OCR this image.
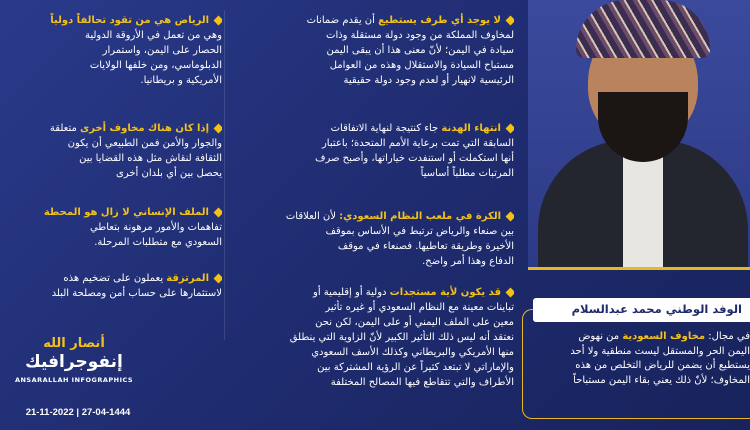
لا يوجد أي طرف يستطيع أن يقدم ضمانات
لمخاوف المملكة من وجود دولة مستقلة وذات
سيادة في اليمن؛ لأنّ معنى هذا أن يبقى اليمن
مستباح السيادة والاستقلال وهذه من العوامل
الرئيسية لانهيار أو لعدم وجود دولة حقيقية
انتهاء الهدنة جاء كنتيجة لنهاية الاتفاقات
السابقة التي تمت برعاية الأمم المتحدة؛ باعتبار
أنها استكملت أو استنفدت خياراتها، وأصبح صرف
المرتبات مطلباً أساسياً
الكرة في ملعب النظام السعودي: لأن العلاقات
بين صنعاء والرياض ترتبط في الأساس بموقف
الأخيرة وطريقة تعاطيها. فصنعاء في موقف
الدفاع وهذا أمر واضح.
قد يكون لأية مستجدات دولية أو إقليمية أو
تباينات معينة مع النظام السعودي أو غيره تأثير
معين على الملف اليمني أو على اليمن، لكن نحن
نعتقد أنه ليس ذلك التأثير الكبير لأنّ الزاوية التي ينطلق
منها الأمريكي والبريطاني وكذلك الأسف السعودي
والإماراتي لا تبتعد كثيراً عن الرؤية المشتركة بين
الأطراف والتي تتقاطع فيها المصالح المختلفة
الرياض هي من تقود تحالفاً دولياً
وهي من تعمل في الأروقة الدولية
الحصار على اليمن، واستمرار
الدبلوماسي، ومن خلفها الولايات
الأمريكية و بريطانيا.
إذا كان هناك مخاوف أخرى متعلقة
والجوار والأمن فمن الطبيعي أن يكون
الثقافة لنقاش مثل هذه القضايا بين
يحصل بين أي بلدان أخرى
الملف الإنساني لا زال هو المحطة
تفاهمات والأمور مرهونة بتعاطي
السعودي مع متطلبات المرحلة.
المرتزقة يعملون على تضخيم هذه
لاستثمارها على حساب أمن ومصلحة البلد
الوفد الوطني محمد عبدالسلام
في مجال: مخاوف السعودية من نهوض
اليمن الحر والمستقل ليست منطقية ولا أحد
يستطيع أن يضمن للرياض التخلص من هذه
المخاوف؛ لأنّ ذلك يعني بقاء اليمن مستباحاً
أنصار الله
إنفوجرافيك
ANSARALLAH INFOGRAPHICS
21-11-2022 | 27-04-1444
